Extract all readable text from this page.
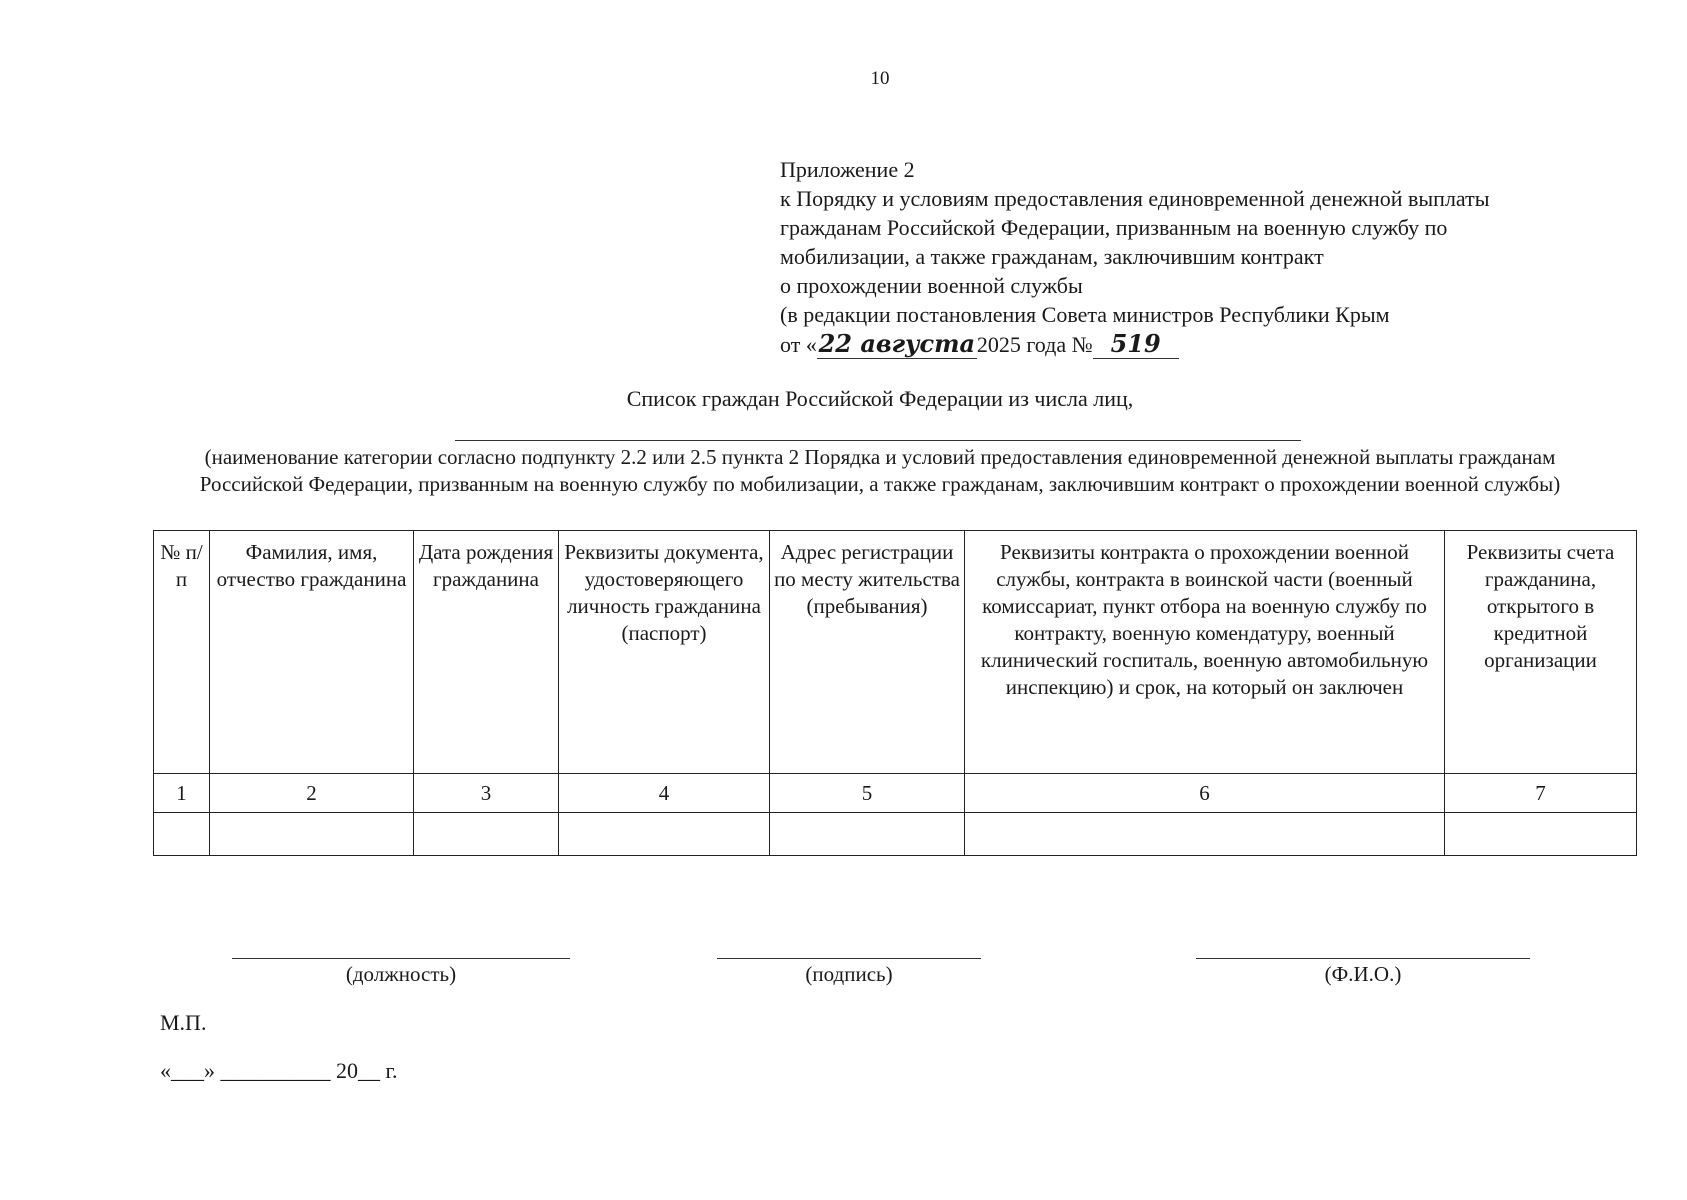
10
Приложение 2
к Порядку и условиям предоставления единовременной денежной выплаты
гражданам Российской Федерации, призванным на военную службу по
мобилизации, а также гражданам, заключившим контракт
о прохождении военной службы
(в редакции постановления Совета министров Республики Крым
от «22 августа2025 года № 519
Список граждан Российской Федерации из числа лиц,
(наименование категории согласно подпункту 2.2 или 2.5 пункта 2 Порядка и условий предоставления единовременной денежной выплаты гражданам Российской Федерации, призванным на военную службу по мобилизации, а также гражданам, заключившим контракт о прохождении военной службы)
№ п/п	Фамилия, имя, отчество гражданина	Дата рождения гражданина	Реквизиты документа, удостоверяющего личность гражданина (паспорт)	Адрес регистрации по месту жительства (пребывания)	Реквизиты контракта о прохождении военной службы, контракта в воинской части (военный комиссариат, пункт отбора на военную службу по контракту, военную комендатуру, военный клинический госпиталь, военную автомобильную инспекцию) и срок, на который он заключен	Реквизиты счета гражданина, открытого в кредитной организации
1	2	3	4	5	6	7

(должность)	(подпись)	(Ф.И.О.)
М.П.
«___» __________ 20__ г.
